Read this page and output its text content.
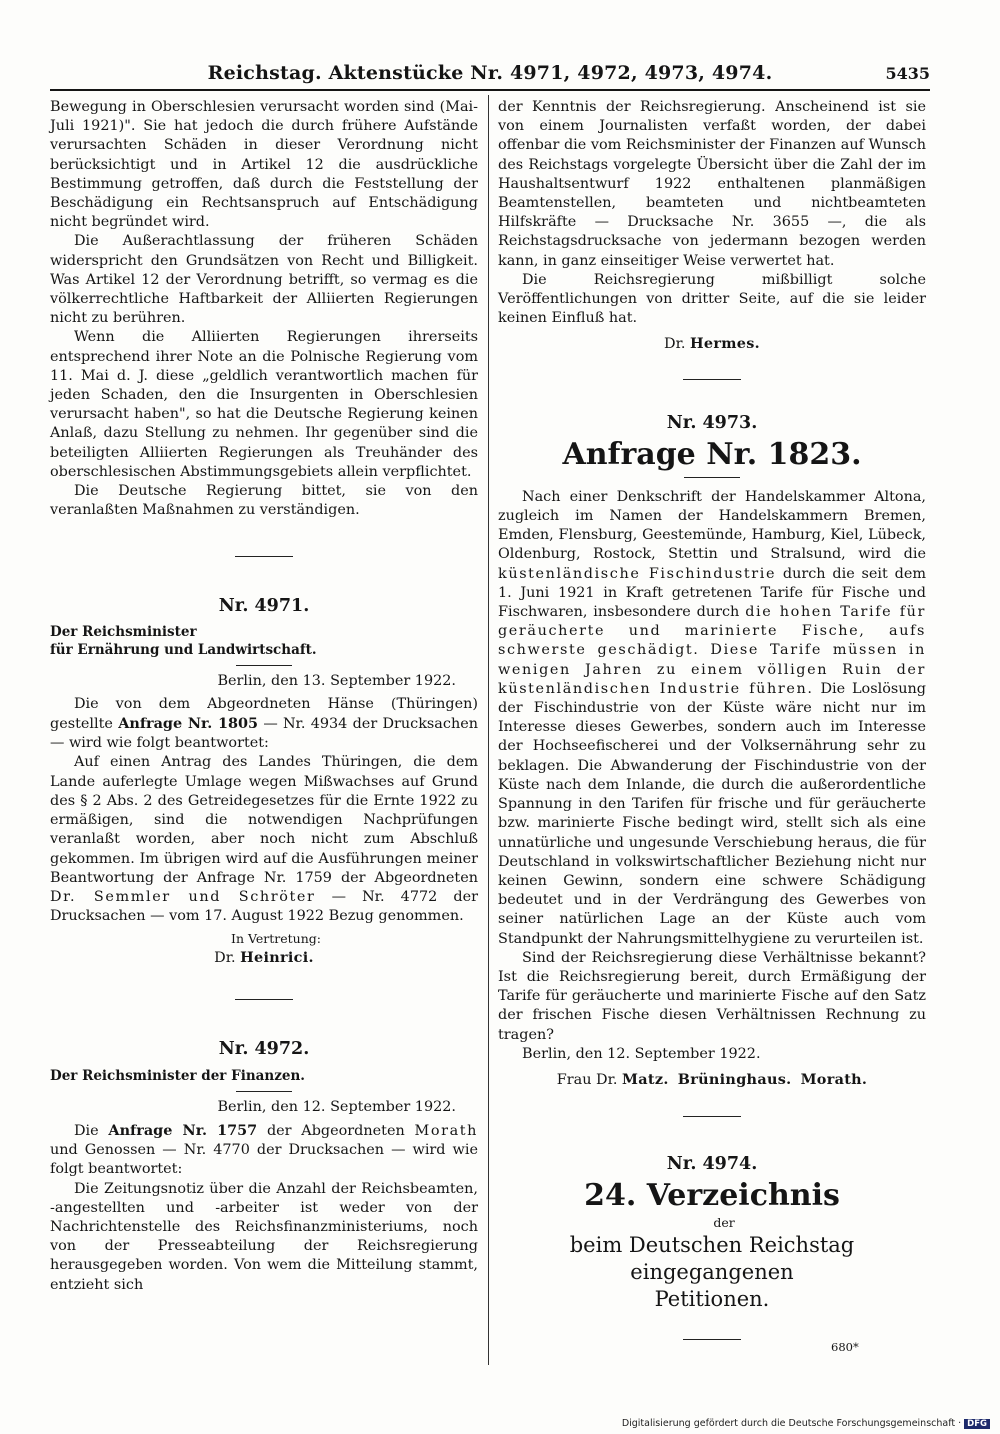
Reichstag. Aktenstücke Nr. 4971, 4972, 4973, 4974.	5435

Bewegung in Oberschlesien verursacht worden sind (Mai-Juli 1921)". Sie hat jedoch die durch frühere Aufstände verursachten Schäden in dieser Verordnung nicht berücksichtigt und in Artikel 12 die ausdrückliche Bestimmung getroffen, daß durch die Feststellung der Beschädigung ein Rechtsanspruch auf Entschädigung nicht begründet wird.

Die Außerachtlassung der früheren Schäden widerspricht den Grundsätzen von Recht und Billigkeit. Was Artikel 12 der Verordnung betrifft, so vermag es die völkerrechtliche Haftbarkeit der Alliierten Regierungen nicht zu berühren.

Wenn die Alliierten Regierungen ihrerseits entsprechend ihrer Note an die Polnische Regierung vom 11. Mai d. J. diese „geldlich verantwortlich machen für jeden Schaden, den die Insurgenten in Oberschlesien verursacht haben", so hat die Deutsche Regierung keinen Anlaß, dazu Stellung zu nehmen. Ihr gegenüber sind die beteiligten Alliierten Regierungen als Treuhänder des oberschlesischen Abstimmungsgebiets allein verpflichtet.

Die Deutsche Regierung bittet, sie von den veranlaßten Maßnahmen zu verständigen.

Nr. 4971.

Der Reichsminister

für Ernährung und Landwirtschaft.

Berlin, den 13. September 1922.

Die von dem Abgeordneten Hänse (Thüringen) gestellte Anfrage Nr. 1805 — Nr. 4934 der Drucksachen — wird wie folgt beantwortet:

Auf einen Antrag des Landes Thüringen, die dem Lande auferlegte Umlage wegen Mißwachses auf Grund des § 2 Abs. 2 des Getreidegesetzes für die Ernte 1922 zu ermäßigen, sind die notwendigen Nachprüfungen veranlaßt worden, aber noch nicht zum Abschluß gekommen. Im übrigen wird auf die Ausführungen meiner Beantwortung der Anfrage Nr. 1759 der Abgeordneten Dr. Semmler und Schröter — Nr. 4772 der Drucksachen — vom 17. August 1922 Bezug genommen.

In Vertretung:

Dr. Heinrici.

Nr. 4972.

Der Reichsminister der Finanzen.

Berlin, den 12. September 1922.

Die Anfrage Nr. 1757 der Abgeordneten Morath und Genossen — Nr. 4770 der Drucksachen — wird wie folgt beantwortet:

Die Zeitungsnotiz über die Anzahl der Reichsbeamten, -angestellten und -arbeiter ist weder von der Nachrichtenstelle des Reichsfinanzministeriums, noch von der Presseabteilung der Reichsregierung herausgegeben worden. Von wem die Mitteilung stammt, entzieht sich

der Kenntnis der Reichsregierung. Anscheinend ist sie von einem Journalisten verfaßt worden, der dabei offenbar die vom Reichsminister der Finanzen auf Wunsch des Reichstags vorgelegte Übersicht über die Zahl der im Haushaltsentwurf 1922 enthaltenen planmäßigen Beamtenstellen, beamteten und nichtbeamteten Hilfskräfte — Drucksache Nr. 3655 —, die als Reichstagsdrucksache von jedermann bezogen werden kann, in ganz einseitiger Weise verwertet hat.

Die Reichsregierung mißbilligt solche Veröffentlichungen von dritter Seite, auf die sie leider keinen Einfluß hat.

Dr. Hermes.

Nr. 4973.
Anfrage Nr. 1823.

Nach einer Denkschrift der Handelskammer Altona, zugleich im Namen der Handelskammern Bremen, Emden, Flensburg, Geestemünde, Hamburg, Kiel, Lübeck, Oldenburg, Rostock, Stettin und Stralsund, wird die küstenländische Fischindustrie durch die seit dem 1. Juni 1921 in Kraft getretenen Tarife für Fische und Fischwaren, insbesondere durch die hohen Tarife für geräucherte und marinierte Fische, aufs schwerste geschädigt. Diese Tarife müssen in wenigen Jahren zu einem völligen Ruin der küstenländischen Industrie führen. Die Loslösung der Fischindustrie von der Küste wäre nicht nur im Interesse dieses Gewerbes, sondern auch im Interesse der Hochseefischerei und der Volksernährung sehr zu beklagen. Die Abwanderung der Fischindustrie von der Küste nach dem Inlande, die durch die außerordentliche Spannung in den Tarifen für frische und für geräucherte bzw. marinierte Fische bedingt wird, stellt sich als eine unnatürliche und ungesunde Verschiebung heraus, die für Deutschland in volkswirtschaftlicher Beziehung nicht nur keinen Gewinn, sondern eine schwere Schädigung bedeutet und in der Verdrängung des Gewerbes von seiner natürlichen Lage an der Küste auch vom Standpunkt der Nahrungsmittelhygiene zu verurteilen ist.

Sind der Reichsregierung diese Verhältnisse bekannt? Ist die Reichsregierung bereit, durch Ermäßigung der Tarife für geräucherte und marinierte Fische auf den Satz der frischen Fische diesen Verhältnissen Rechnung zu tragen?

Berlin, den 12. September 1922.

Frau Dr. Matz. Brüninghaus. Morath.

Nr. 4974.
24. Verzeichnis

der

beim Deutschen Reichstag eingegangenen
Petitionen.
680*
Digitalisierung gefördert durch die Deutsche Forschungsgemeinschaft · DFG
